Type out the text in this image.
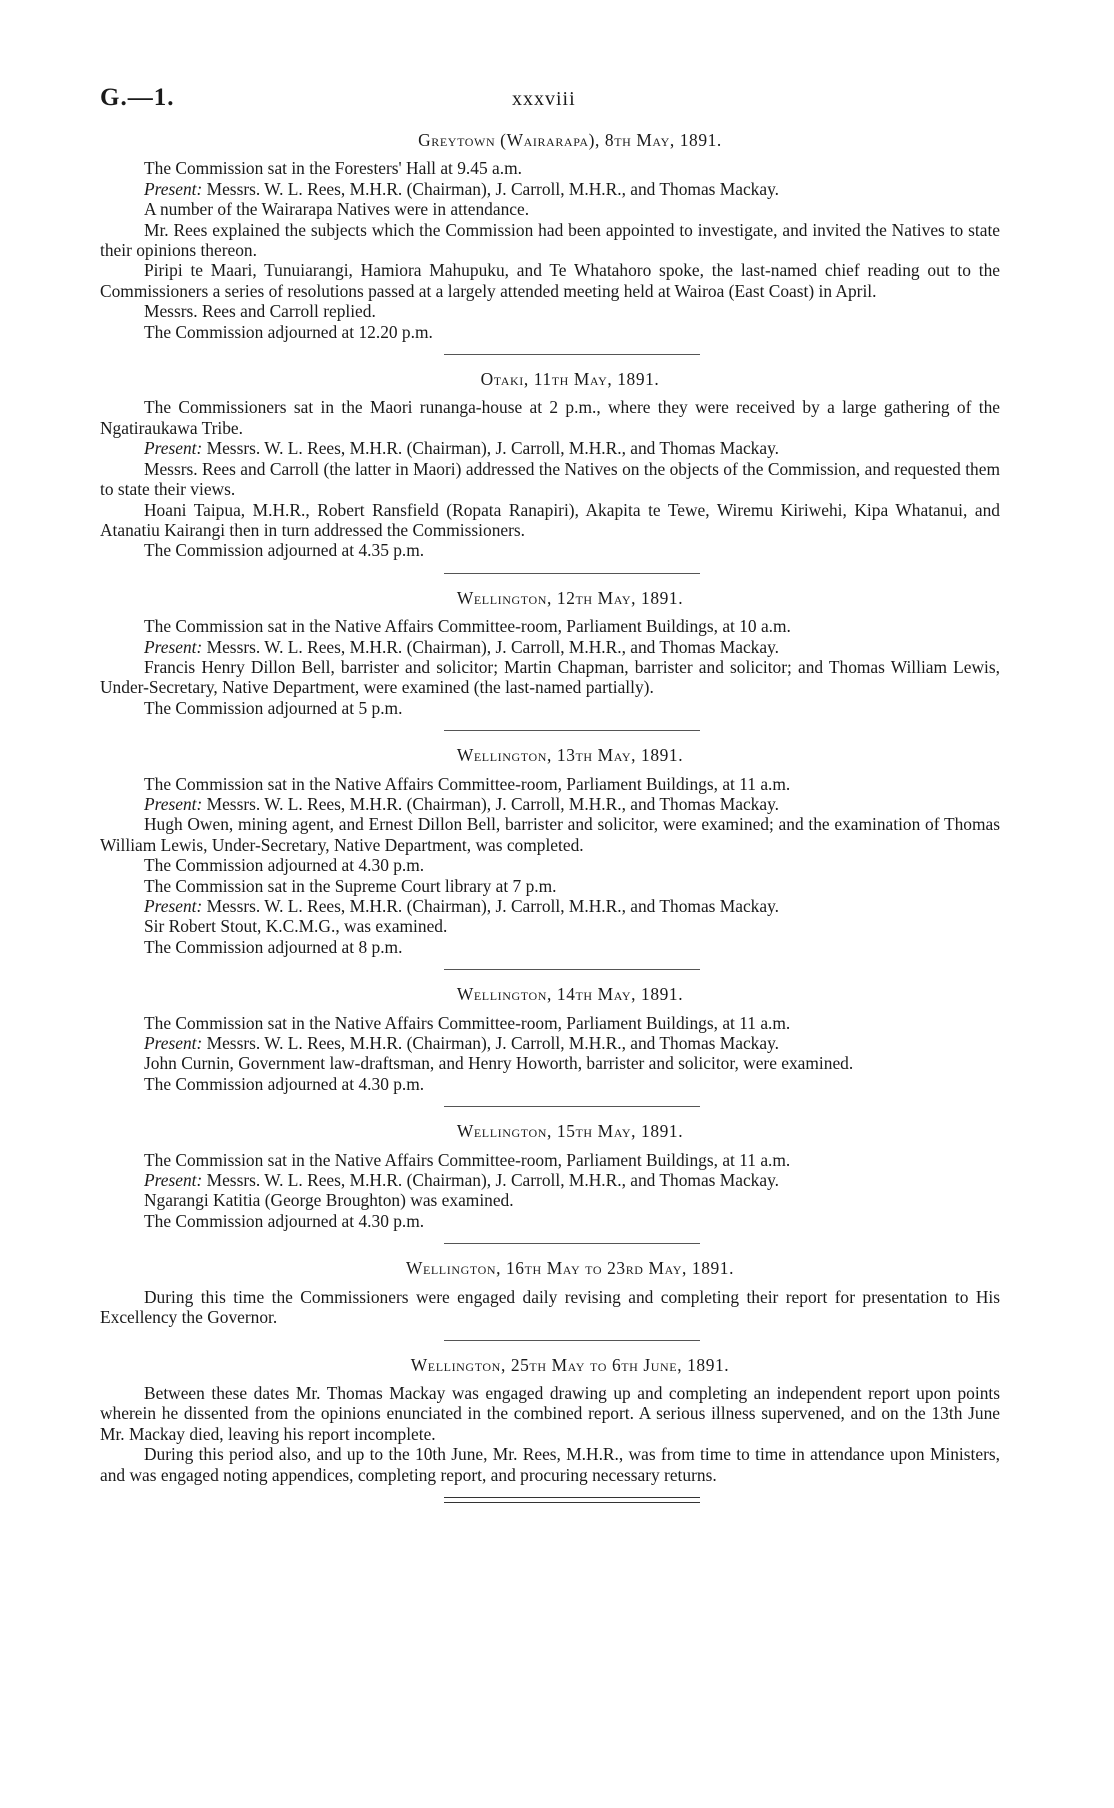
G.—1.	xxxviii
Greytown (Wairarapa), 8th May, 1891.

The Commission sat in the Foresters' Hall at 9.45 a.m.

Present: Messrs. W. L. Rees, M.H.R. (Chairman), J. Carroll, M.H.R., and Thomas Mackay.

A number of the Wairarapa Natives were in attendance.

Mr. Rees explained the subjects which the Commission had been appointed to investigate, and invited the Natives to state their opinions thereon.

Piripi te Maari, Tunuiarangi, Hamiora Mahupuku, and Te Whatahoro spoke, the last-named chief reading out to the Commissioners a series of resolutions passed at a largely attended meeting held at Wairoa (East Coast) in April.

Messrs. Rees and Carroll replied.

The Commission adjourned at 12.20 p.m.

Otaki, 11th May, 1891.

The Commissioners sat in the Maori runanga-house at 2 p.m., where they were received by a large gathering of the Ngatiraukawa Tribe.

Present: Messrs. W. L. Rees, M.H.R. (Chairman), J. Carroll, M.H.R., and Thomas Mackay.

Messrs. Rees and Carroll (the latter in Maori) addressed the Natives on the objects of the Commission, and requested them to state their views.

Hoani Taipua, M.H.R., Robert Ransfield (Ropata Ranapiri), Akapita te Tewe, Wiremu Kiriwehi, Kipa Whatanui, and Atanatiu Kairangi then in turn addressed the Commissioners.

The Commission adjourned at 4.35 p.m.

Wellington, 12th May, 1891.

The Commission sat in the Native Affairs Committee-room, Parliament Buildings, at 10 a.m.

Present: Messrs. W. L. Rees, M.H.R. (Chairman), J. Carroll, M.H.R., and Thomas Mackay.

Francis Henry Dillon Bell, barrister and solicitor; Martin Chapman, barrister and solicitor; and Thomas William Lewis, Under-Secretary, Native Department, were examined (the last-named partially).

The Commission adjourned at 5 p.m.

Wellington, 13th May, 1891.

The Commission sat in the Native Affairs Committee-room, Parliament Buildings, at 11 a.m.

Present: Messrs. W. L. Rees, M.H.R. (Chairman), J. Carroll, M.H.R., and Thomas Mackay.

Hugh Owen, mining agent, and Ernest Dillon Bell, barrister and solicitor, were examined; and the examination of Thomas William Lewis, Under-Secretary, Native Department, was completed.

The Commission adjourned at 4.30 p.m.

The Commission sat in the Supreme Court library at 7 p.m.

Present: Messrs. W. L. Rees, M.H.R. (Chairman), J. Carroll, M.H.R., and Thomas Mackay.

Sir Robert Stout, K.C.M.G., was examined.

The Commission adjourned at 8 p.m.

Wellington, 14th May, 1891.

The Commission sat in the Native Affairs Committee-room, Parliament Buildings, at 11 a.m.

Present: Messrs. W. L. Rees, M.H.R. (Chairman), J. Carroll, M.H.R., and Thomas Mackay.

John Curnin, Government law-draftsman, and Henry Howorth, barrister and solicitor, were examined.

The Commission adjourned at 4.30 p.m.

Wellington, 15th May, 1891.

The Commission sat in the Native Affairs Committee-room, Parliament Buildings, at 11 a.m.

Present: Messrs. W. L. Rees, M.H.R. (Chairman), J. Carroll, M.H.R., and Thomas Mackay.

Ngarangi Katitia (George Broughton) was examined.

The Commission adjourned at 4.30 p.m.

Wellington, 16th May to 23rd May, 1891.

During this time the Commissioners were engaged daily revising and completing their report for presentation to His Excellency the Governor.

Wellington, 25th May to 6th June, 1891.

Between these dates Mr. Thomas Mackay was engaged drawing up and completing an independent report upon points wherein he dissented from the opinions enunciated in the combined report. A serious illness supervened, and on the 13th June Mr. Mackay died, leaving his report incomplete.

During this period also, and up to the 10th June, Mr. Rees, M.H.R., was from time to time in attendance upon Ministers, and was engaged noting appendices, completing report, and procuring necessary returns.
